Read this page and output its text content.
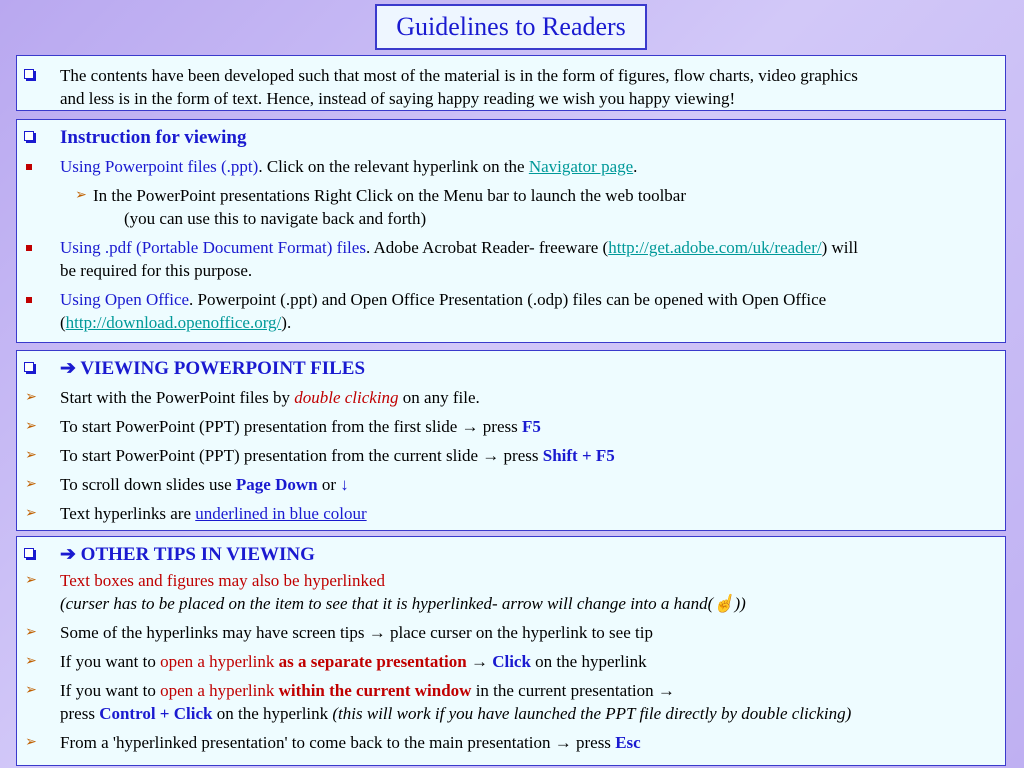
Guidelines to Readers
The contents have been developed such that most of the material is in the form of figures, flow charts, video graphics
and less is in the form of text. Hence, instead of saying happy reading we wish you happy viewing!
Instruction for viewing
Using Powerpoint files (.ppt). Click on the relevant hyperlink on the Navigator page.
➢ In the PowerPoint presentations Right Click on the Menu bar to launch the web toolbar
(you can use this to navigate back and forth)
Using .pdf (Portable Document Format) files. Adobe Acrobat Reader- freeware (http://get.adobe.com/uk/reader/) will
be required for this purpose.
Using Open Office. Powerpoint (.ppt) and Open Office Presentation (.odp) files can be opened with Open Office
(http://download.openoffice.org/).
➔ VIEWING POWERPOINT FILES
➢ Start with the PowerPoint files by double clicking on any file.
➢ To start PowerPoint (PPT) presentation from the first slide → press F5
➢ To start PowerPoint (PPT) presentation from the current slide → press Shift + F5
➢ To scroll down slides use Page Down or ↓
➢ Text hyperlinks are underlined in blue colour
➔ OTHER TIPS IN VIEWING
➢ Text boxes and figures may also be hyperlinked
(curser has to be placed on the item to see that it is hyperlinked- arrow will change into a hand(☝))
➢ Some of the hyperlinks may have screen tips → place curser on the hyperlink to see tip
➢ If you want to open a hyperlink as a separate presentation → Click on the hyperlink
➢ If you want to open a hyperlink within the current window in the current presentation →
press Control + Click on the hyperlink (this will work if you have launched the PPT file directly by double clicking)
➢ From a 'hyperlinked presentation' to come back to the main presentation → press Esc
